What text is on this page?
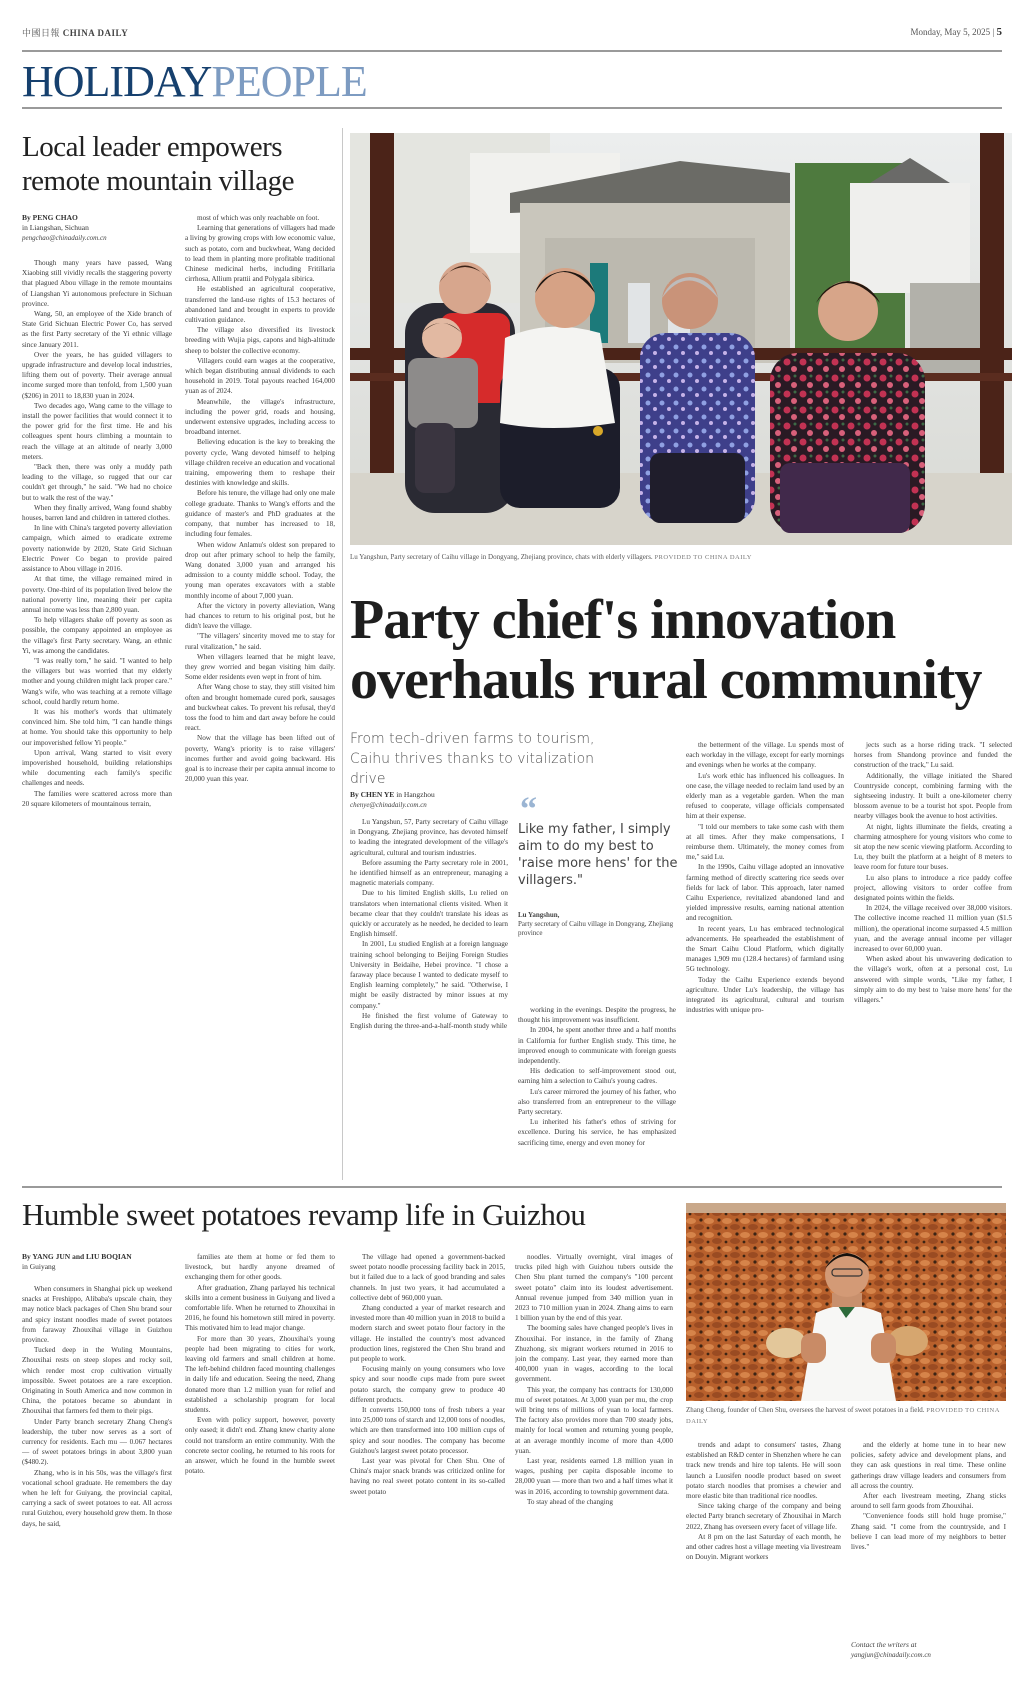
中國日報 CHINA DAILY	Monday, May 5, 2025 | 5
HOLIDAYPEOPLE
Local leader empowers remote mountain village
By PENG CHAO
in Liangshan, Sichuan
pengchao@chinadaily.com.cn

Though many years have passed, Wang Xiaobing still vividly recalls the staggering poverty that plagued Abou village in the remote mountains of Liangshan Yi autonomous prefecture in Sichuan province.

Wang, 50, an employee of the Xide branch of State Grid Sichuan Electric Power Co, has served as the first Party secretary of the Yi ethnic village since January 2011.

Over the years, he has guided villagers to upgrade infrastructure and develop local industries, lifting them out of poverty. Their average annual income surged more than tenfold, from 1,500 yuan ($206) in 2011 to 18,830 yuan in 2024.

Two decades ago, Wang came to the village to install the power facilities that would connect it to the power grid for the first time. He and his colleagues spent hours climbing a mountain to reach the village at an altitude of nearly 3,000 meters.

"Back then, there was only a muddy path leading to the village, so rugged that our car couldn't get through," he said. "We had no choice but to walk the rest of the way."

When they finally arrived, Wang found shabby houses, barren land and children in tattered clothes.

In line with China's targeted poverty alleviation campaign, which aimed to eradicate extreme poverty nationwide by 2020, State Grid Sichuan Electric Power Co began to provide paired assistance to Abou village in 2016.

At that time, the village remained mired in poverty. One-third of its population lived below the national poverty line, meaning their per capita annual income was less than 2,800 yuan.

To help villagers shake off poverty as soon as possible, the company appointed an employee as the village's first Party secretary. Wang, an ethnic Yi, was among the candidates.

"I was really torn," he said. "I wanted to help the villagers but was worried that my elderly mother and young children might lack proper care." Wang's wife, who was teaching at a remote village school, could hardly return home.

It was his mother's words that ultimately convinced him. She told him, "I can handle things at home. You should take this opportunity to help our impoverished fellow Yi people."

Upon arrival, Wang started to visit every impoverished household, building relationships while documenting each family's specific challenges and needs.

The families were scattered across more than 20 square kilometers of mountainous terrain,

most of which was only reachable on foot.

Learning that generations of villagers had made a living by growing crops with low economic value, such as potato, corn and buckwheat, Wang decided to lead them in planting more profitable traditional Chinese medicinal herbs, including Fritillaria cirrhosa, Allium prattii and Polygala sibirica.

He established an agricultural cooperative, transferred the land-use rights of 15.3 hectares of abandoned land and brought in experts to provide cultivation guidance.

The village also diversified its livestock breeding with Wujia pigs, capons and high-altitude sheep to bolster the collective economy.

Villagers could earn wages at the cooperative, which began distributing annual dividends to each household in 2019. Total payouts reached 164,000 yuan as of 2024.

Meanwhile, the village's infrastructure, including the power grid, roads and housing, underwent extensive upgrades, including access to broadband internet.

Believing education is the key to breaking the poverty cycle, Wang devoted himself to helping village children receive an education and vocational training, empowering them to reshape their destinies with knowledge and skills.

Before his tenure, the village had only one male college graduate. Thanks to Wang's efforts and the guidance of master's and PhD graduates at the company, that number has increased to 18, including four females.

When widow Anlamu's oldest son prepared to drop out after primary school to help the family, Wang donated 3,000 yuan and arranged his admission to a county middle school. Today, the young man operates excavators with a stable monthly income of about 7,000 yuan.

After the victory in poverty alleviation, Wang had chances to return to his original post, but he didn't leave the village.

"The villagers' sincerity moved me to stay for rural vitalization," he said.

When villagers learned that he might leave, they grew worried and began visiting him daily. Some elder residents even wept in front of him.

After Wang chose to stay, they still visited him often and brought homemade cured pork, sausages and buckwheat cakes. To prevent his refusal, they'd toss the food to him and dart away before he could react.

Now that the village has been lifted out of poverty, Wang's priority is to raise villagers' incomes further and avoid going backward. His goal is to increase their per capita annual income to 20,000 yuan this year.

Lu Yangshun, Party secretary of Caihu village in Dongyang, Zhejiang province, chats with elderly villagers. PROVIDED TO CHINA DAILY
Party chief's innovation
overhauls rural community
From tech-driven farms to tourism, Caihu thrives thanks to vitalization drive
By CHEN YE in Hangzhou
chenye@chinadaily.com.cn	“
Like my father, I simply aim to do my best to 'raise more hens' for the villagers."
Lu Yangshun,
Party secretary of Caihu village in Dongyang, Zhejiang province

Lu Yangshun, 57, Party secretary of Caihu village in Dongyang, Zhejiang province, has devoted himself to leading the integrated development of the village's agricultural, cultural and tourism industries.

Before assuming the Party secretary role in 2001, he identified himself as an entrepreneur, managing a magnetic materials company.

Due to his limited English skills, Lu relied on translators when international clients visited. When it became clear that they couldn't translate his ideas as quickly or accurately as he needed, he decided to learn English himself.

In 2001, Lu studied English at a foreign language training school belonging to Beijing Foreign Studies University in Beidaihe, Hebei province. "I chose a faraway place because I wanted to dedicate myself to English learning completely," he said. "Otherwise, I might be easily distracted by minor issues at my company."

He finished the first volume of Gateway to English during the three-and-a-half-month study while

working in the evenings. Despite the progress, he thought his improvement was insufficient.

In 2004, he spent another three and a half months in California for further English study. This time, he improved enough to communicate with foreign guests independently.

His dedication to self-improvement stood out, earning him a selection to Caihu's young cadres.

Lu's career mirrored the journey of his father, who also transferred from an entrepreneur to the village Party secretary.

Lu inherited his father's ethos of striving for excellence. During his service, he has emphasized sacrificing time, energy and even money for

the betterment of the village. Lu spends most of each workday in the village, except for early mornings and evenings when he works at the company.

Lu's work ethic has influenced his colleagues. In one case, the village needed to reclaim land used by an elderly man as a vegetable garden. When the man refused to cooperate, village officials compensated him at their expense.

"I told our members to take some cash with them at all times. After they make compensations, I reimburse them. Ultimately, the money comes from me," said Lu.

In the 1990s, Caihu village adopted an innovative farming method of directly scattering rice seeds over fields for lack of labor. This approach, later named Caihu Experience, revitalized abandoned land and yielded impressive results, earning national attention and recognition.

In recent years, Lu has embraced technological advancements. He spearheaded the establishment of the Smart Caihu Cloud Platform, which digitally manages 1,909 mu (128.4 hectares) of farmland using 5G technology.

Today the Caihu Experience extends beyond agriculture. Under Lu's leadership, the village has integrated its agricultural, cultural and tourism industries with unique pro-

jects such as a horse riding track. "I selected horses from Shandong province and funded the construction of the track," Lu said.

Additionally, the village initiated the Shared Countryside concept, combining farming with the sightseeing industry. It built a one-kilometer cherry blossom avenue to be a tourist hot spot. People from nearby villages book the avenue to host activities.

At night, lights illuminate the fields, creating a charming atmosphere for young visitors who come to sit atop the new scenic viewing platform. According to Lu, they built the platform at a height of 8 meters to leave room for future tour buses.

Lu also plans to introduce a rice paddy coffee project, allowing visitors to order coffee from designated points within the fields.

In 2024, the village received over 38,000 visitors. The collective income reached 11 million yuan ($1.5 million), the operational income surpassed 4.5 million yuan, and the average annual income per villager increased to over 60,000 yuan.

When asked about his unwavering dedication to the village's work, often at a personal cost, Lu answered with simple words, "Like my father, I simply aim to do my best to 'raise more hens' for the villagers."

Humble sweet potatoes revamp life in Guizhou
By YANG JUN and LIU BOQIAN
in Guiyang

When consumers in Shanghai pick up weekend snacks at Freshippo, Alibaba's upscale chain, they may notice black packages of Chen Shu brand sour and spicy instant noodles made of sweet potatoes from faraway Zhouxihai village in Guizhou province.

Tucked deep in the Wuling Mountains, Zhouxihai rests on steep slopes and rocky soil, which render most crop cultivation virtually impossible. Sweet potatoes are a rare exception. Originating in South America and now common in China, the potatoes became so abundant in Zhouxihai that farmers fed them to their pigs.

Under Party branch secretary Zhang Cheng's leadership, the tuber now serves as a sort of currency for residents. Each mu — 0.067 hectares — of sweet potatoes brings in about 3,800 yuan ($480.2).

Zhang, who is in his 50s, was the village's first vocational school graduate. He remembers the day when he left for Guiyang, the provincial capital, carrying a sack of sweet potatoes to eat. All across rural Guizhou, every household grew them. In those days, he said,

families ate them at home or fed them to livestock, but hardly anyone dreamed of exchanging them for other goods.

After graduation, Zhang parlayed his technical skills into a cement business in Guiyang and lived a comfortable life. When he returned to Zhouxihai in 2016, he found his hometown still mired in poverty. This motivated him to lead major change.

For more than 30 years, Zhouxihai's young people had been migrating to cities for work, leaving old farmers and small children at home. The left-behind children faced mounting challenges in daily life and education. Seeing the need, Zhang donated more than 1.2 million yuan for relief and established a scholarship program for local students.

Even with policy support, however, poverty only eased; it didn't end. Zhang knew charity alone could not transform an entire community. With the concrete sector cooling, he returned to his roots for an answer, which he found in the humble sweet potato.

The village had opened a government-backed sweet potato noodle processing facility back in 2015, but it failed due to a lack of good branding and sales channels. In just two years, it had accumulated a collective debt of 960,000 yuan.

Zhang conducted a year of market research and invested more than 40 million yuan in 2018 to build a modern starch and sweet potato flour factory in the village. He installed the country's most advanced production lines, registered the Chen Shu brand and put people to work.

Focusing mainly on young consumers who love spicy and sour noodle cups made from pure sweet potato starch, the company grew to produce 40 different products.

It converts 150,000 tons of fresh tubers a year into 25,000 tons of starch and 12,000 tons of noodles, which are then transformed into 100 million cups of spicy and sour noodles. The company has become Guizhou's largest sweet potato processor.

Last year was pivotal for Chen Shu. One of China's major snack brands was criticized online for having no real sweet potato content in its so-called sweet potato

noodles. Virtually overnight, viral images of trucks piled high with Guizhou tubers outside the Chen Shu plant turned the company's "100 percent sweet potato" claim into its loudest advertisement. Annual revenue jumped from 340 million yuan in 2023 to 710 million yuan in 2024. Zhang aims to earn 1 billion yuan by the end of this year.

The booming sales have changed people's lives in Zhouxihai. For instance, in the family of Zhang Zhuzhong, six migrant workers returned in 2016 to join the company. Last year, they earned more than 400,000 yuan in wages, according to the local government.

This year, the company has contracts for 130,000 mu of sweet potatoes. At 3,000 yuan per mu, the crop will bring tens of millions of yuan to local farmers. The factory also provides more than 700 steady jobs, mainly for local women and returning young people, at an average monthly income of more than 4,000 yuan.

Last year, residents earned 1.8 million yuan in wages, pushing per capita disposable income to 28,000 yuan — more than two and a half times what it was in 2016, according to township government data.

To stay ahead of the changing

Zhang Cheng, founder of Chen Shu, oversees the harvest of sweet potatoes in a field. PROVIDED TO CHINA DAILY

trends and adapt to consumers' tastes, Zhang established an R&D center in Shenzhen where he can track new trends and hire top talents. He will soon launch a Luosifen noodle product based on sweet potato starch noodles that promises a chewier and more elastic bite than traditional rice noodles.

Since taking charge of the company and being elected Party branch secretary of Zhouxihai in March 2022, Zhang has overseen every facet of village life.

At 8 pm on the last Saturday of each month, he and other cadres host a village meeting via livestream on Douyin. Migrant workers

and the elderly at home tune in to hear new policies, safety advice and development plans, and they can ask questions in real time. These online gatherings draw village leaders and consumers from all across the country.

After each livestream meeting, Zhang sticks around to sell farm goods from Zhouxihai.

"Convenience foods still hold huge promise," Zhang said. "I come from the countryside, and I believe I can lead more of my neighbors to better lives."

Contact the writers at
yangjun@chinadaily.com.cn
